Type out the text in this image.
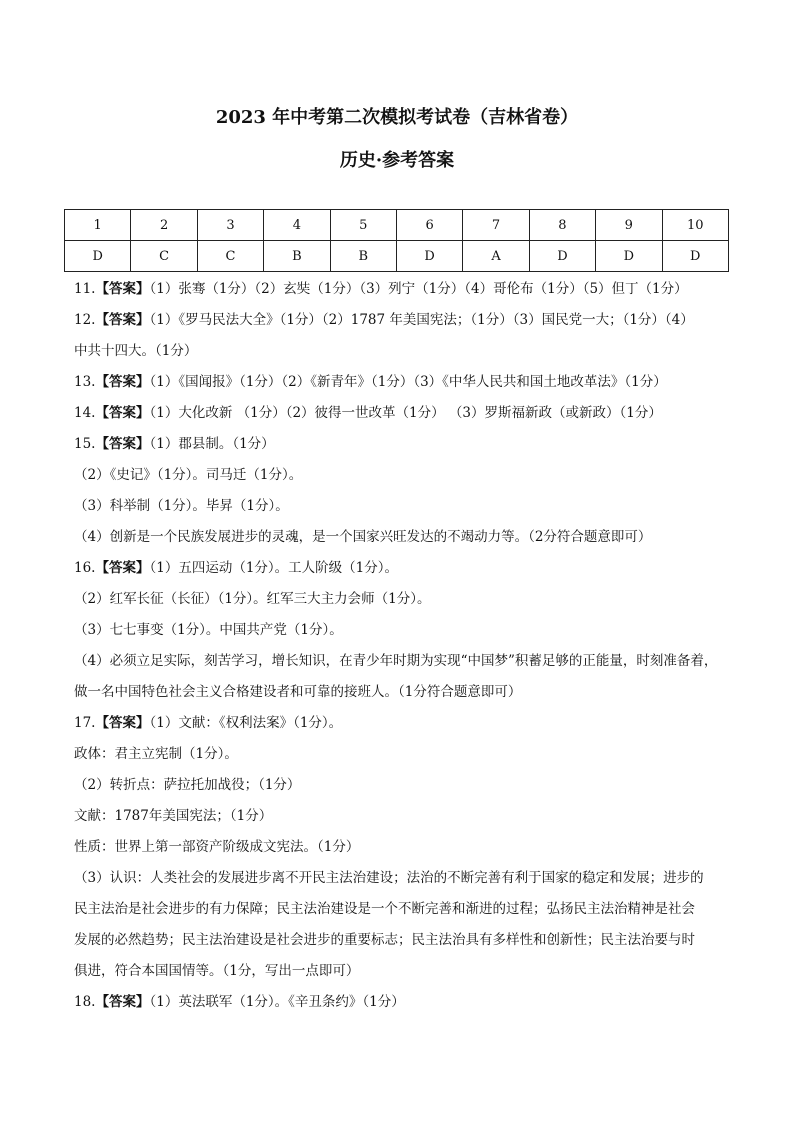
2023 年中考第二次模拟考试卷（吉林省卷）
历史·参考答案
1	2	3	4	5	6	7	8	9	10
D	C	C	B	B	D	A	D	D	D
11.【答案】（1）张骞（1分）（2）玄奘（1分）（3）列宁（1分）（4）哥伦布（1分）（5）但丁（1分）
12.【答案】（1）《罗马民法大全》（1分）（2）1787 年美国宪法；（1分）（3）国民党一大；（1分）（4）
中共十四大。（1分）
13.【答案】（1）《国闻报》（1分）（2）《新青年》（1分）（3）《中华人民共和国土地改革法》（1分）
14.【答案】（1）大化改新 （1分）（2）彼得一世改革（1分） （3）罗斯福新政（或新政）（1分）
15.【答案】（1）郡县制。（1分）
（2）《史记》（1分）。司马迁（1分）。
（3）科举制（1分）。毕昇（1分）。
（4）创新是一个民族发展进步的灵魂，是一个国家兴旺发达的不竭动力等。（2分符合题意即可）
16.【答案】（1）五四运动（1分）。工人阶级（1分）。
（2）红军长征（长征）（1分）。红军三大主力会师（1分）。
（3）七七事变（1分）。中国共产党（1分）。
（4）必须立足实际，刻苦学习，增长知识，在青少年时期为实现“中国梦”积蓄足够的正能量，时刻准备着，
做一名中国特色社会主义合格建设者和可靠的接班人。（1分符合题意即可）
17.【答案】（1）文献：《权利法案》（1分）。
政体：君主立宪制（1分）。
（2）转折点：萨拉托加战役；（1分）
文献：1787年美国宪法；（1分）
性质：世界上第一部资产阶级成文宪法。（1分）
（3）认识：人类社会的发展进步离不开民主法治建设；法治的不断完善有利于国家的稳定和发展；进步的
民主法治是社会进步的有力保障；民主法治建设是一个不断完善和渐进的过程；弘扬民主法治精神是社会
发展的必然趋势；民主法治建设是社会进步的重要标志；民主法治具有多样性和创新性；民主法治要与时
俱进，符合本国国情等。（1分，写出一点即可）
18.【答案】（1）英法联军（1分）。《辛丑条约》（1分）
